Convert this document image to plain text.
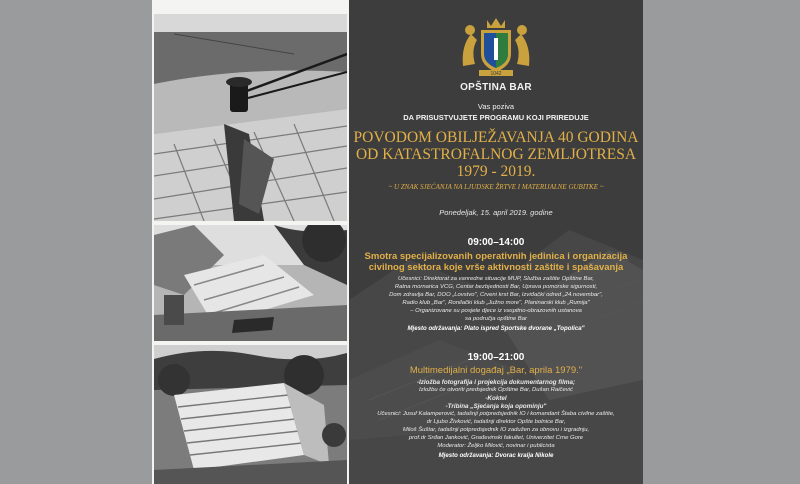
1042
OPŠTINA BAR
Vas poziva
DA PRISUSTVUJETE PROGRAMU KOJI PRIREDUJE
POVODOM OBILJEŽAVANJA 40 GODINA
OD KATASTROFALNOG ZEMLJOTRESA
1979 - 2019.
~ U ZNAK SJEĆANJA NA LJUDSKE ŽRTVE I MATERIJALNE GUBITKE ~
Ponedeljak, 15. april 2019. godine
09:00–14:00
Smotra specijalizovanih operativnih jedinica i organizacija
civilnog sektora koje vrše aktivnosti zaštite i spašavanja
Učesnici: Direktorat za vanredne situacije MUP, Služba zaštite Opštine Bar,
Ratna mornarica VCG, Centar bezbjednosti Bar, Uprava pomorske sigurnosti,
Dom zdravlja Bar, DOO „Lovstvo", Crveni krst Bar, Izviđački odred „24.novembar",
Radio klub „Bar", Ronilački klub „Južno more", Planinarski klub „Rumija"
– Organizovane su posjete djece iz vaspitno-obrazovnih ustanova
sa područja opštine Bar
Mjesto održavanja: Plato ispred Sportske dvorane „Topolica"
19:00–21:00
Multimedijalni događaj „Bar, aprila 1979."
-Izložba fotografija i projekcija dokumentarnog filma;
Izložbu će otvoriti predsjednik Opštine Bar, Dušan Raičević
-Koktel
-Tribina „Sjećanja koja opominju"
Učesnici: Jusuf Kalamperović, tadašnji potpredsjednik IO i komandant Štaba civilne zaštite,
dr Ljubo Živković, tadašnji direktor Opšte bolnice Bar,
Miloš Šuštar, tadašnji potpredsjednik IO zadužen za obnovu i izgradnju,
prof.dr Srđan Janković, Građevinski fakultet, Univerzitet Crne Gore
Moderator: Željko Milović, novinar i publicista
Mjesto održavanja: Dvorac kralja Nikole
